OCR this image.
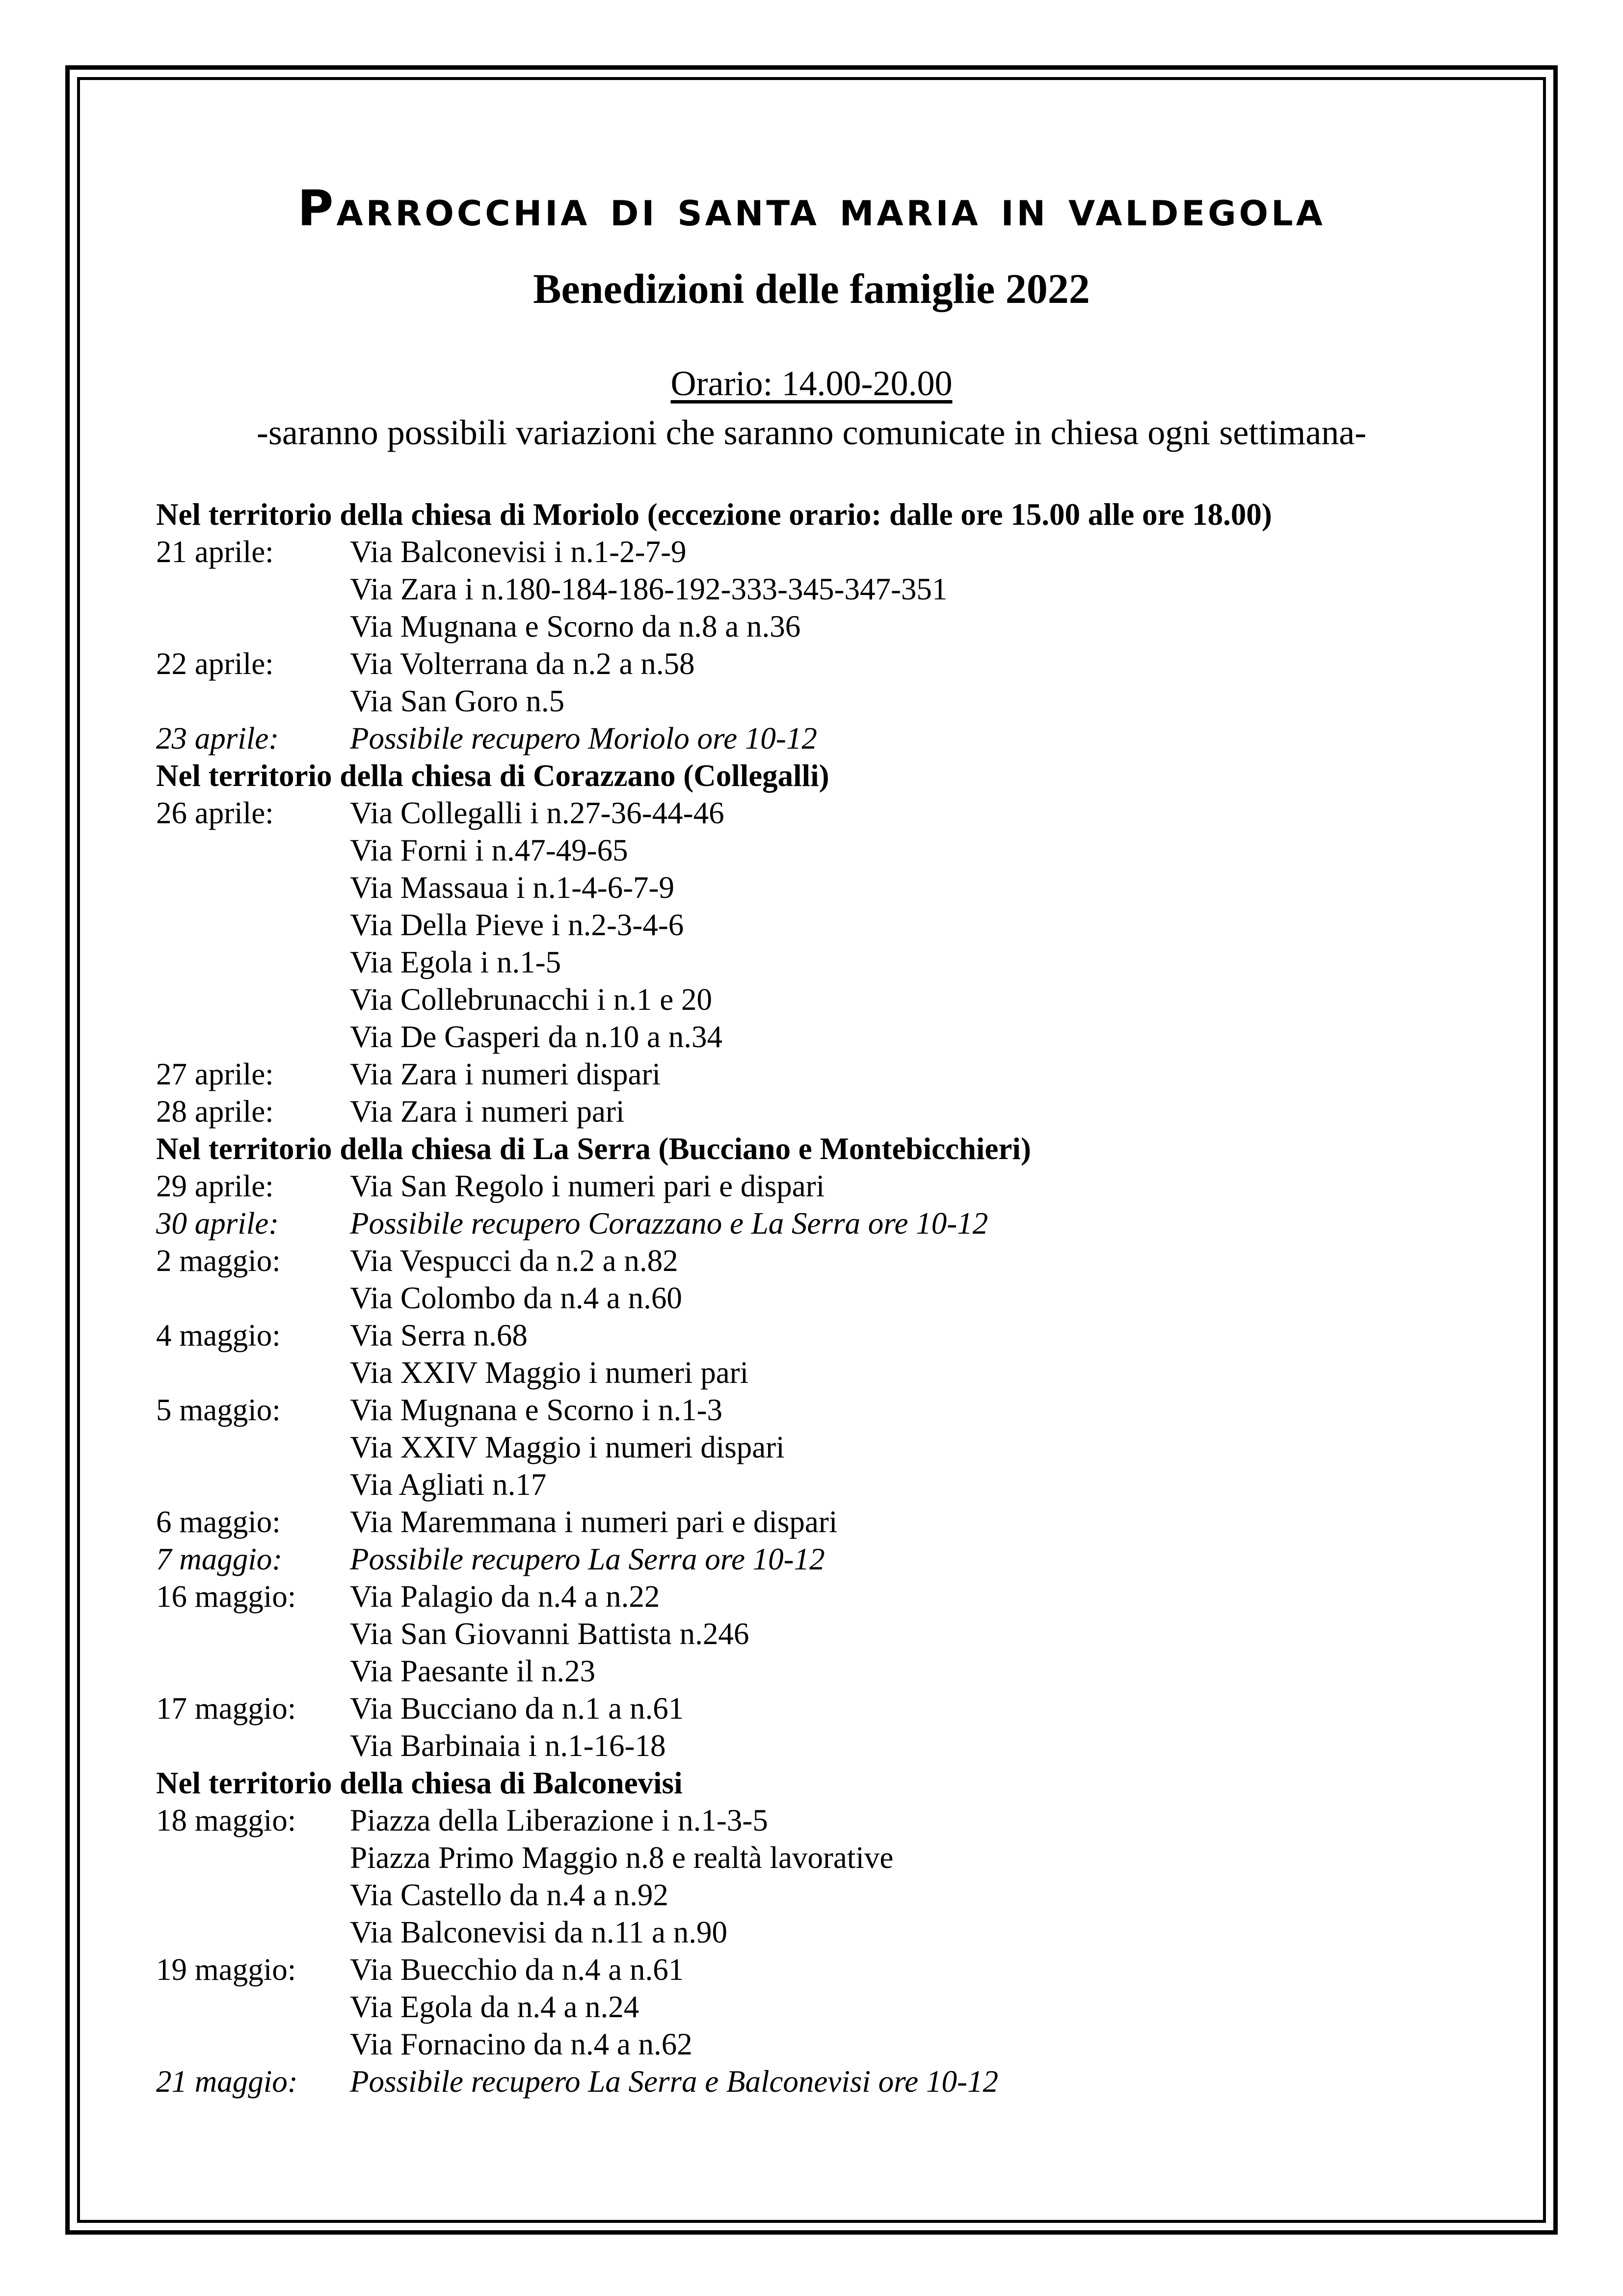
Parrocchia di santa maria in valdegola
Benedizioni delle famiglie 2022
Orario: 14.00-20.00
-saranno possibili variazioni che saranno comunicate in chiesa ogni settimana-
Nel territorio della chiesa di Moriolo (eccezione orario: dalle ore 15.00 alle ore 18.00)
21 aprile:	Via Balconevisi i n.1-2-7-9
Via Zara i n.180-184-186-192-333-345-347-351
Via Mugnana e Scorno da n.8 a n.36
22 aprile:	Via Volterrana da n.2 a n.58
Via San Goro n.5
23 aprile:	Possibile recupero Moriolo ore 10-12
Nel territorio della chiesa di Corazzano (Collegalli)
26 aprile:	Via Collegalli i n.27-36-44-46
Via Forni i n.47-49-65
Via Massaua i n.1-4-6-7-9
Via Della Pieve i n.2-3-4-6
Via Egola i n.1-5
Via Collebrunacchi i n.1 e 20
Via De Gasperi da n.10 a n.34
27 aprile:	Via Zara i numeri dispari
28 aprile:	Via Zara i numeri pari
Nel territorio della chiesa di La Serra (Bucciano e Montebicchieri)
29 aprile:	Via San Regolo i numeri pari e dispari
30 aprile:	Possibile recupero Corazzano e La Serra ore 10-12
2 maggio:	Via Vespucci da n.2 a n.82
Via Colombo da n.4 a n.60
4 maggio:	Via Serra n.68
Via XXIV Maggio i numeri pari
5 maggio:	Via Mugnana e Scorno i n.1-3
Via XXIV Maggio i numeri dispari
Via Agliati n.17
6 maggio:	Via Maremmana i numeri pari e dispari
7 maggio:	Possibile recupero La Serra ore 10-12
16 maggio:	Via Palagio da n.4 a n.22
Via San Giovanni Battista n.246
Via Paesante il n.23
17 maggio:	Via Bucciano da n.1 a n.61
Via Barbinaia i n.1-16-18
Nel territorio della chiesa di Balconevisi
18 maggio:	Piazza della Liberazione i n.1-3-5
Piazza Primo Maggio n.8 e realtà lavorative
Via Castello da n.4 a n.92
Via Balconevisi da n.11 a n.90
19 maggio:	Via Buecchio da n.4 a n.61
Via Egola da n.4 a n.24
Via Fornacino da n.4 a n.62
21 maggio:	Possibile recupero La Serra e Balconevisi ore 10-12
